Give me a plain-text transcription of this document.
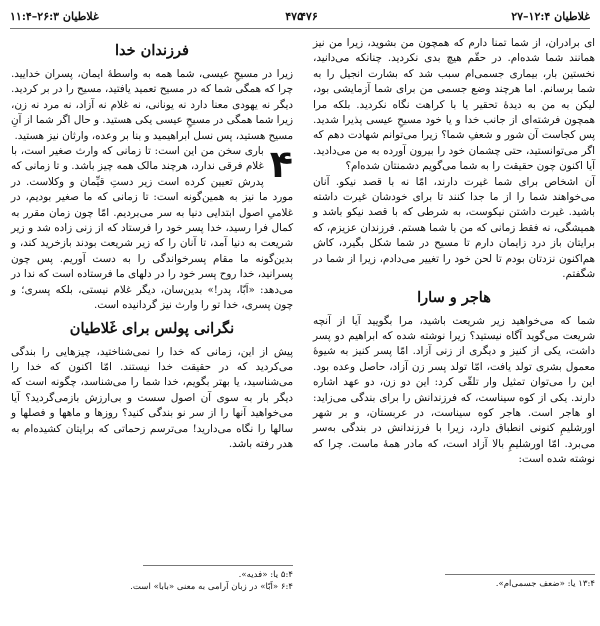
غلاطیان ۱۲:۴–۲۷
۴۷۶
۴۷۵
غلاطیان ۲۶:۳–۱۱:۴

ای برادران، از شما تمنا دارم که همچون من بشوید، زیرا من نیز همانند شما شده‌ام. در حقّم هیچ بدی نکردید. چنانکه می‌دانید، نخستین بار، بیماری جسمی‌ام سبب شد که بشارت انجیل را به شما برسانم. اما هرچند وضع جسمی من برای شما آزمایشی بود، لیکن به من به دیدهٔ تحقیر یا با کراهت نگاه نکردید. بلکه مرا همچون فرشته‌ای از جانب خدا و یا خود مسیحِ عیسی پذیرا شدید. پس کجاست آن شور و شعفِ شما؟ زیرا می‌توانم شهادت دهم که اگر می‌توانستید، حتی چشمان خود را بیرون آورده به من می‌دادید. آیا اکنون چون حقیقت را به شما می‌گویم دشمنتان شده‌ام؟

آن اشخاص برای شما غیرت دارند، امّا نه با قصد نیکو. آنان می‌خواهند شما را از ما جدا کنند تا برای خودشان غیرت داشته باشید. غیرت داشتن نیکوست، به شرطی که با قصد نیکو باشد و همیشگی، نه فقط زمانی که من با شما هستم. فرزندان عزیزم، که برایتان باز درد زایمان دارم تا مسیح در شما شکل بگیرد، کاش هم‌اکنون نزدتان بودم تا لحن خود را تغییر می‌دادم، زیرا از شما در شگفتم.

هاجر و سارا

شما که می‌خواهید زیر شریعت باشید، مرا بگویید آیا از آنچه شریعت می‌گوید آگاه نیستید؟ زیرا نوشته شده که ابراهیم دو پسر داشت، یکی از کنیز و دیگری از زنی آزاد. امّا پسر کنیز به شیوهٔ معمول بشری تولد یافت، امّا تولد پسر زن آزاد، حاصل وعده بود. این را می‌توان تمثیل وار تلقّی کرد: این دو زن، دو عهد اشاره دارند. یکی از کوه سیناست، که فرزندانش را برای بندگی می‌زاید: او هاجر است. هاجر کوه سیناست، در عربستان، و بر شهر اورشلیمِ کنونی انطباق دارد، زیرا با فرزندانش در بندگی به‌سر می‌برد. امّا اورشلیمِ بالا آزاد است، که مادر همهٔ ماست. چرا که نوشته شده است:

فرزندان خدا

زیرا در مسیحِ عیسی، شما همه به واسطهٔ ایمان، پسران خدایید. چرا که همگی شما که در مسیح تعمید یافتید، مسیح را در بر کردید. دیگر نه یهودی معنا دارد نه یونانی، نه غلام نه آزاد، نه مرد نه زن، زیرا شما همگی در مسیحِ عیسی یکی هستید. و حال اگر شما از آنِ مسیح هستید، پس نسل ابراهیمید و بنا بر وعده، وارثان نیز هستید.

۴
باری سخن من این است: تا زمانی که وارث صغیر است، با غلام فرقی ندارد، هرچند مالک همه چیز باشد. و تا زمانی که پدرش تعیین کرده است زیر دستِ قیِّمان و وکلاست. در مورد ما نیز به همین‌گونه است: تا زمانی که ما صغیر بودیم، در غلامیِ اصول ابتدایی دنیا به سر می‌بردیم. امّا چون زمان مقرر به کمال فرا رسید، خدا پسر خود را فرستاد که از زنی زاده شد و زیر شریعت به دنیا آمد، تا آنان را که زیر شریعت بودند بازخرید کند، و بدین‌گونه ما مقام پسرخواندگی را به دست آوریم. پس چون پسرانید، خدا روح پسر خود را در دلهای ما فرستاده است که ندا در می‌دهد: «اَبّا، پدر!» بدین‌سان، دیگر غلام نیستی، بلکه پسری؛ و چون پسری، خدا تو را وارث نیز گردانیده است.

نگرانی پولس برای غَلاطیان

پیش از این، زمانی که خدا را نمی‌شناختید، چیزهایی را بندگی می‌کردید که در حقیقت خدا نیستند. امّا اکنون که خدا را می‌شناسید، یا بهتر بگویم، خدا شما را می‌شناسد، چگونه است که دیگر بار به سوی آن اصول سست و بی‌ارزش بازمی‌گردید؟ آیا می‌خواهید آنها را از سر نو بندگی کنید؟ روزها و ماهها و فصلها و سالها را نگاه می‌دارید! می‌ترسم زحماتی که برایتان کشیده‌ام به هدر رفته باشد.

۱۳:۴ یا: «ضعف جسمی‌ام».
۵:۴ یا: «فدیه».
۶:۴ «اَبّا» در زبان آرامی به معنی «بابا» است.
